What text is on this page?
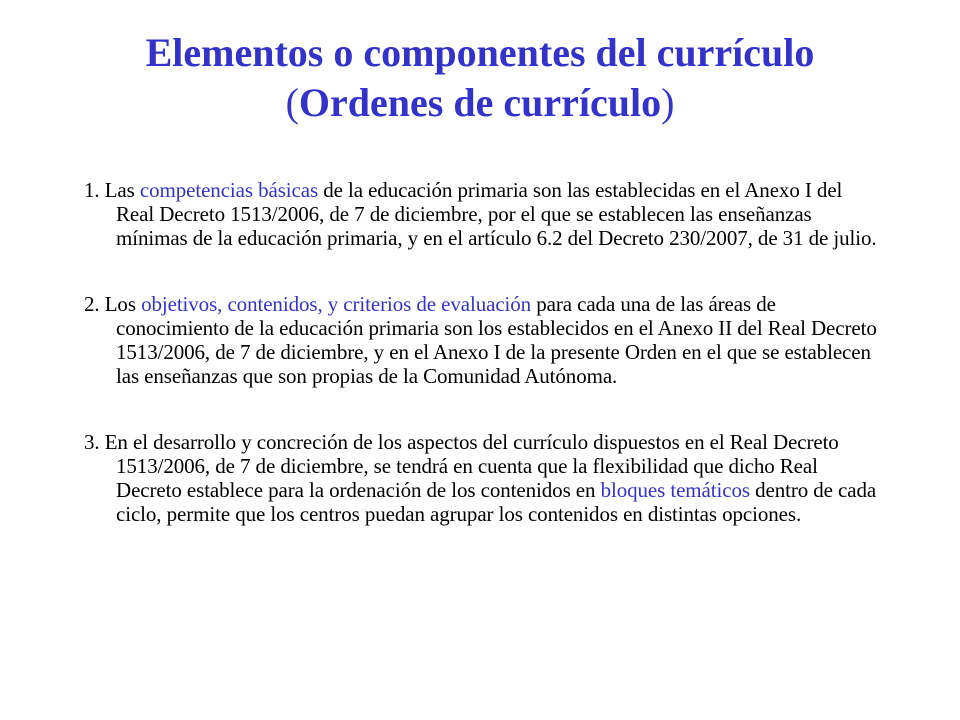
Elementos o componentes del currículo
(Ordenes de currículo)

1. Las competencias básicas de la educación primaria son las establecidas en el Anexo I del Real Decreto 1513/2006, de 7 de diciembre, por el que se establecen las enseñanzas mínimas de la educación primaria, y en el artículo 6.2 del Decreto 230/2007, de 31 de julio.

2. Los objetivos, contenidos, y criterios de evaluación para cada una de las áreas de conocimiento de la educación primaria son los establecidos en el Anexo II del Real Decreto 1513/2006, de 7 de diciembre, y en el Anexo I de la presente Orden en el que se establecen las enseñanzas que son propias de la Comunidad Autónoma.

3. En el desarrollo y concreción de los aspectos del currículo dispuestos en el Real Decreto 1513/2006, de 7 de diciembre, se tendrá en cuenta que la flexibilidad que dicho Real Decreto establece para la ordenación de los contenidos en bloques temáticos dentro de cada ciclo, permite que los centros puedan agrupar los contenidos en distintas opciones.
